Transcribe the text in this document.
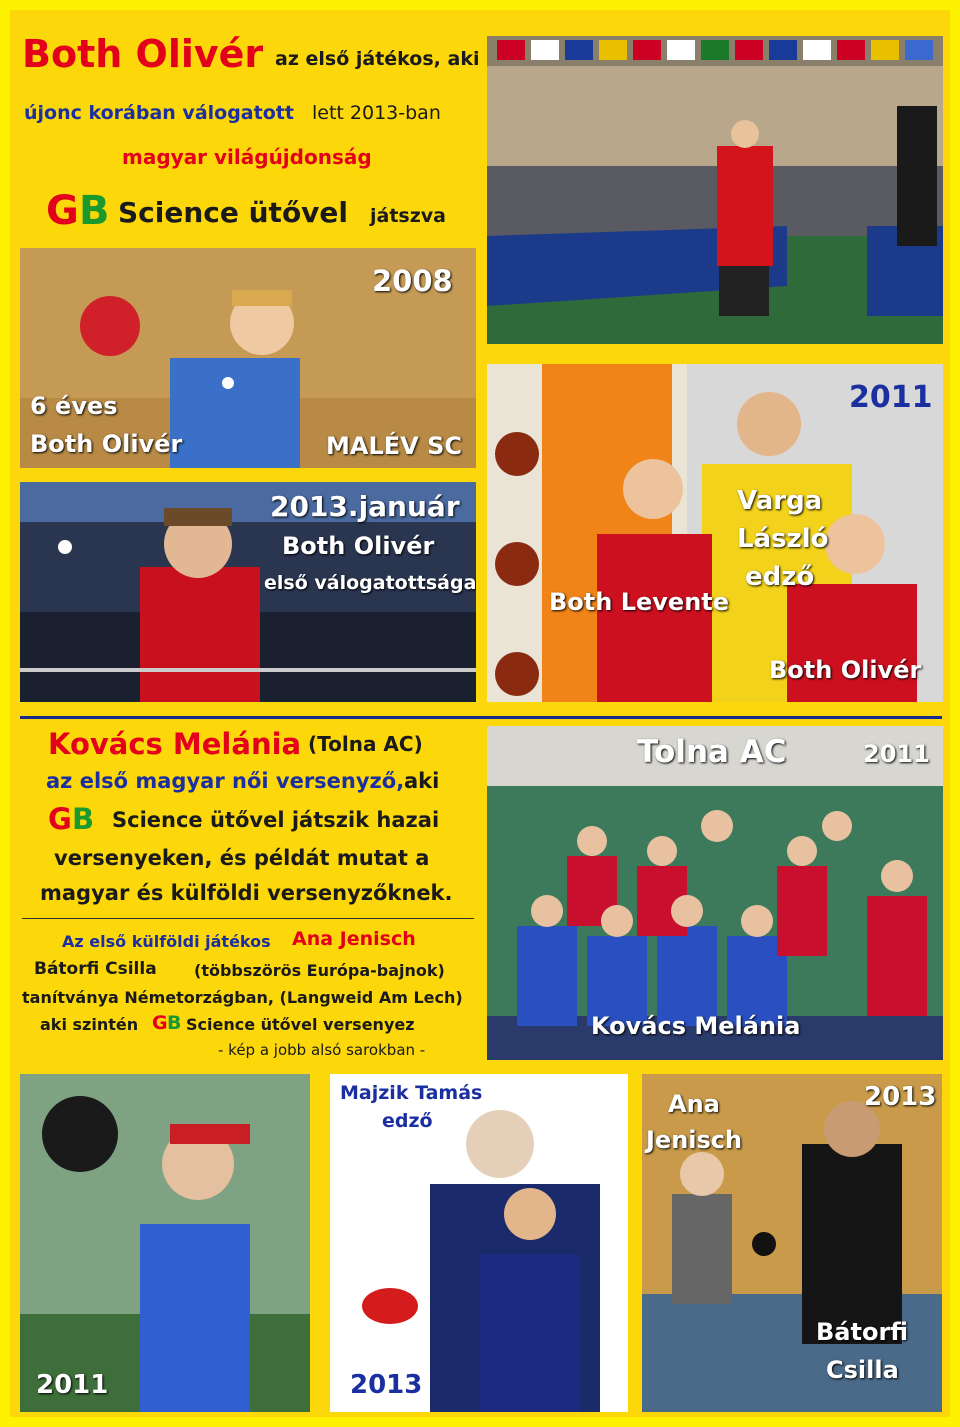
Both Olivér az első játékos, aki
újonc korában válogatott lett 2013-ban
magyar világújdonság
G B Science ütővel játszva
2008
6 éves
Both Olivér	MALÉV SC
2013.január
Both Olivér
első válogatottsága
2011
Varga
László
edző
Both Levente
Both Olivér
Kovács Melánia (Tolna AC)
az első magyar női versenyző, aki
G B Science ütővel játszik hazai
versenyeken, és példát mutat a
magyar és külföldi versenyzőknek.
Az első külföldi játékos Ana Jenisch
Bátorfi Csilla (többszörös Európa-bajnok)
tanítványa Németorzágban, (Langweid Am Lech)
aki szintén G B Science ütővel versenyez
- kép a jobb alsó sarokban -
Tolna AC	2011
Kovács Melánia
2011
Majzik Tamás
edző
2013
Ana
Jenisch
2013
Bátorfi
Csilla
